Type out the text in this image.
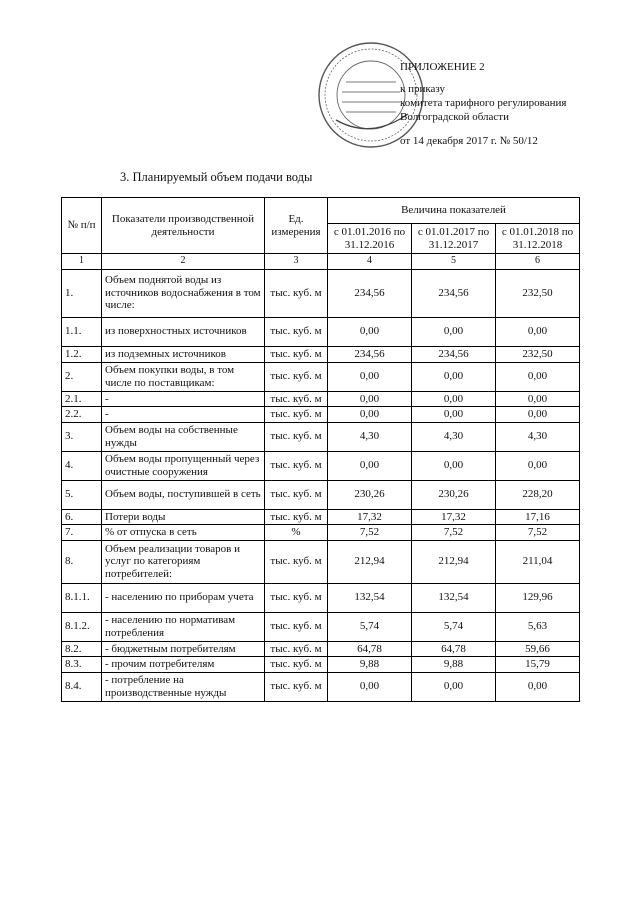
ПРИЛОЖЕНИЕ 2
к приказу
комитета тарифного регулирования
Волгоградской области
от 14 декабря 2017 г. № 50/12
3. Планируемый объем подачи воды
№ п/п	Показатели производственной деятельности	Ед. измерения	Величина показателей		
			с 01.01.2016 по 31.12.2016	с 01.01.2017 по 31.12.2017	с 01.01.2018 по 31.12.2018
1	2	3	4	5	6
1.	Объем поднятой воды из источников водоснабжения в том числе:	тыс. куб. м	234,56	234,56	232,50
1.1.	из поверхностных источников	тыс. куб. м	0,00	0,00	0,00
1.2.	из подземных источников	тыс. куб. м	234,56	234,56	232,50
2.	Объем покупки воды, в том числе по поставщикам:	тыс. куб. м	0,00	0,00	0,00
2.1.	-	тыс. куб. м	0,00	0,00	0,00
2.2.	-	тыс. куб. м	0,00	0,00	0,00
3.	Объем воды на собственные нужды	тыс. куб. м	4,30	4,30	4,30
4.	Объем воды пропущенный через очистные сооружения	тыс. куб. м	0,00	0,00	0,00
5.	Объем воды, поступившей в сеть	тыс. куб. м	230,26	230,26	228,20
6.	Потери воды	тыс. куб. м	17,32	17,32	17,16
7.	% от отпуска в сеть	%	7,52	7,52	7,52
8.	Объем реализации товаров и услуг по категориям потребителей:	тыс. куб. м	212,94	212,94	211,04
8.1.1.	- населению по приборам учета	тыс. куб. м	132,54	132,54	129,96
8.1.2.	- населению по нормативам потребления	тыс. куб. м	5,74	5,74	5,63
8.2.	- бюджетным потребителям	тыс. куб. м	64,78	64,78	59,66
8.3.	- прочим потребителям	тыс. куб. м	9,88	9,88	15,79
8.4.	- потребление на производственные нужды	тыс. куб. м	0,00	0,00	0,00
